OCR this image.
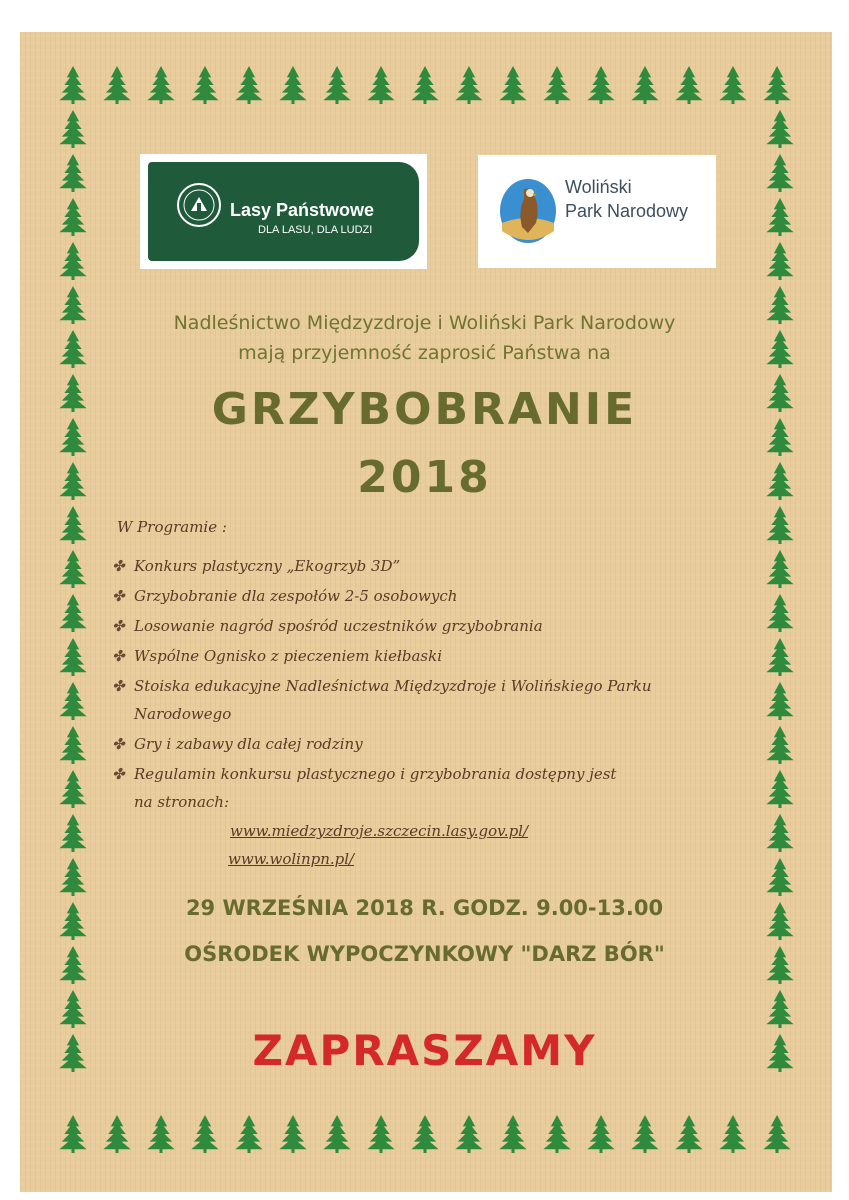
Lasy Państwowe
DLA LASU, DLA LUDZI
Woliński
Park Narodowy
Nadleśnictwo Międzyzdroje i Woliński Park Narodowy
mają przyjemność zaprosić Państwa na
GRZYBOBRANIE
2018
W Programie :
✤ Konkurs plastyczny „Ekogrzyb 3D”
✤ Grzybobranie dla zespołów 2-5 osobowych
✤ Losowanie nagród spośród uczestników grzybobrania
✤ Wspólne Ognisko z pieczeniem kiełbaski
✤ Stoiska edukacyjne Nadleśnictwa Międzyzdroje i Wolińskiego Parku
Narodowego
✤ Gry i zabawy dla całej rodziny
✤ Regulamin konkursu plastycznego i grzybobrania dostępny jest
na stronach:
www.miedzyzdroje.szczecin.lasy.gov.pl/
www.wolinpn.pl/
29 WRZEŚNIA 2018 R. GODZ. 9.00-13.00
OŚRODEK WYPOCZYNKOWY "DARZ BÓR"
ZAPRASZAMY
